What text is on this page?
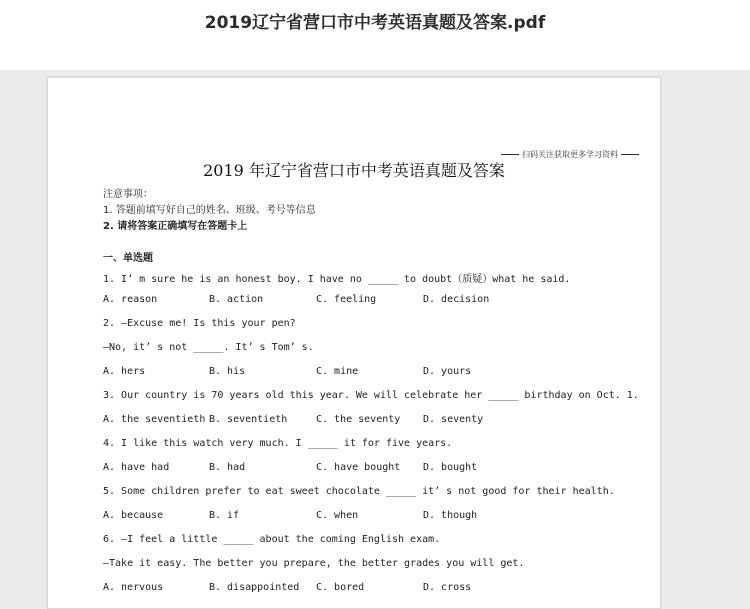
2019辽宁省营口市中考英语真题及答案.pdf
扫码关注获取更多学习资料
2019 年辽宁省营口市中考英语真题及答案
注意事项：
1. 答题前填写好自己的姓名、班级、考号等信息
2. 请将答案正确填写在答题卡上
一、单选题
1. I’ m sure he is an honest boy. I have no _____ to doubt（质疑）what he said.
A. reason	B. action	C. feeling	D. decision
2. —Excuse me! Is this your pen?
—No, it’ s not _____. It’ s Tom’ s.
A. hers	B. his	C. mine	D. yours
3. Our country is 70 years old this year. We will celebrate her _____ birthday on Oct. 1.
A. the seventieth B. seventieth	C. the seventy D. seventy
4. I like this watch very much. I _____ it for five years.
A. have had	B. had	C. have bought D. bought
5. Some children prefer to eat sweet chocolate _____ it’ s not good for their health.
A. because	B. if	C. when	D. though
6. —I feel a little _____ about the coming English exam.
—Take it easy. The better you prepare, the better grades you will get.
A. nervous	B. disappointed C. bored	D. cross
